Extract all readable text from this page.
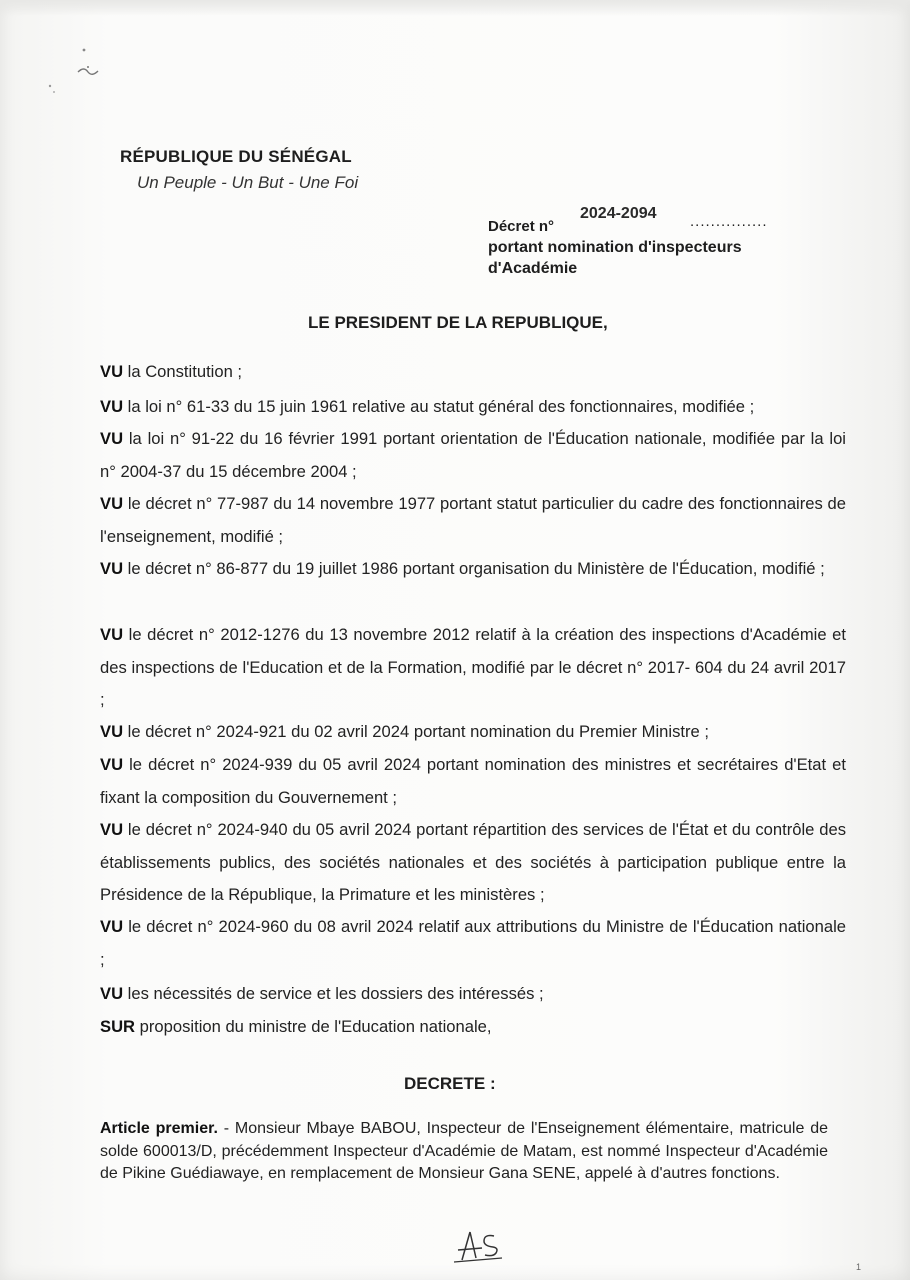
RÉPUBLIQUE DU SÉNÉGAL
Un Peuple - Un But - Une Foi
Décret n°
2024-2094 ...............
portant nomination d'inspecteurs d'Académie
LE PRESIDENT DE LA REPUBLIQUE,
VU la Constitution ;
VU la loi n° 61-33 du 15 juin 1961 relative au statut général des fonctionnaires, modifiée ;
VU la loi n° 91-22 du 16 février 1991 portant orientation de l'Éducation nationale, modifiée par la loi n° 2004-37 du 15 décembre 2004 ;
VU le décret n° 77-987 du 14 novembre 1977 portant statut particulier du cadre des fonctionnaires de l'enseignement, modifié ;
VU le décret n° 86-877 du 19 juillet 1986 portant organisation du Ministère de l'Éducation, modifié ;
VU le décret n° 2012-1276 du 13 novembre 2012 relatif à la création des inspections d'Académie et des inspections de l'Education et de la Formation, modifié par le décret n° 2017- 604 du 24 avril 2017 ;
VU le décret n° 2024-921 du 02 avril 2024 portant nomination du Premier Ministre ;
VU le décret n° 2024-939 du 05 avril 2024 portant nomination des ministres et secrétaires d'Etat et fixant la composition du Gouvernement ;
VU le décret n° 2024-940 du 05 avril 2024 portant répartition des services de l'État et du contrôle des établissements publics, des sociétés nationales et des sociétés à participation publique entre la Présidence de la République, la Primature et les ministères ;
VU le décret n° 2024-960 du 08 avril 2024 relatif aux attributions du Ministre de l'Éducation nationale ;
VU les nécessités de service et les dossiers des intéressés ;
SUR proposition du ministre de l'Education nationale,
DECRETE :
Article premier. - Monsieur Mbaye BABOU, Inspecteur de l'Enseignement élémentaire, matricule de solde 600013/D, précédemment Inspecteur d'Académie de Matam, est nommé Inspecteur d'Académie de Pikine Guédiawaye, en remplacement de Monsieur Gana SENE, appelé à d'autres fonctions.
1
